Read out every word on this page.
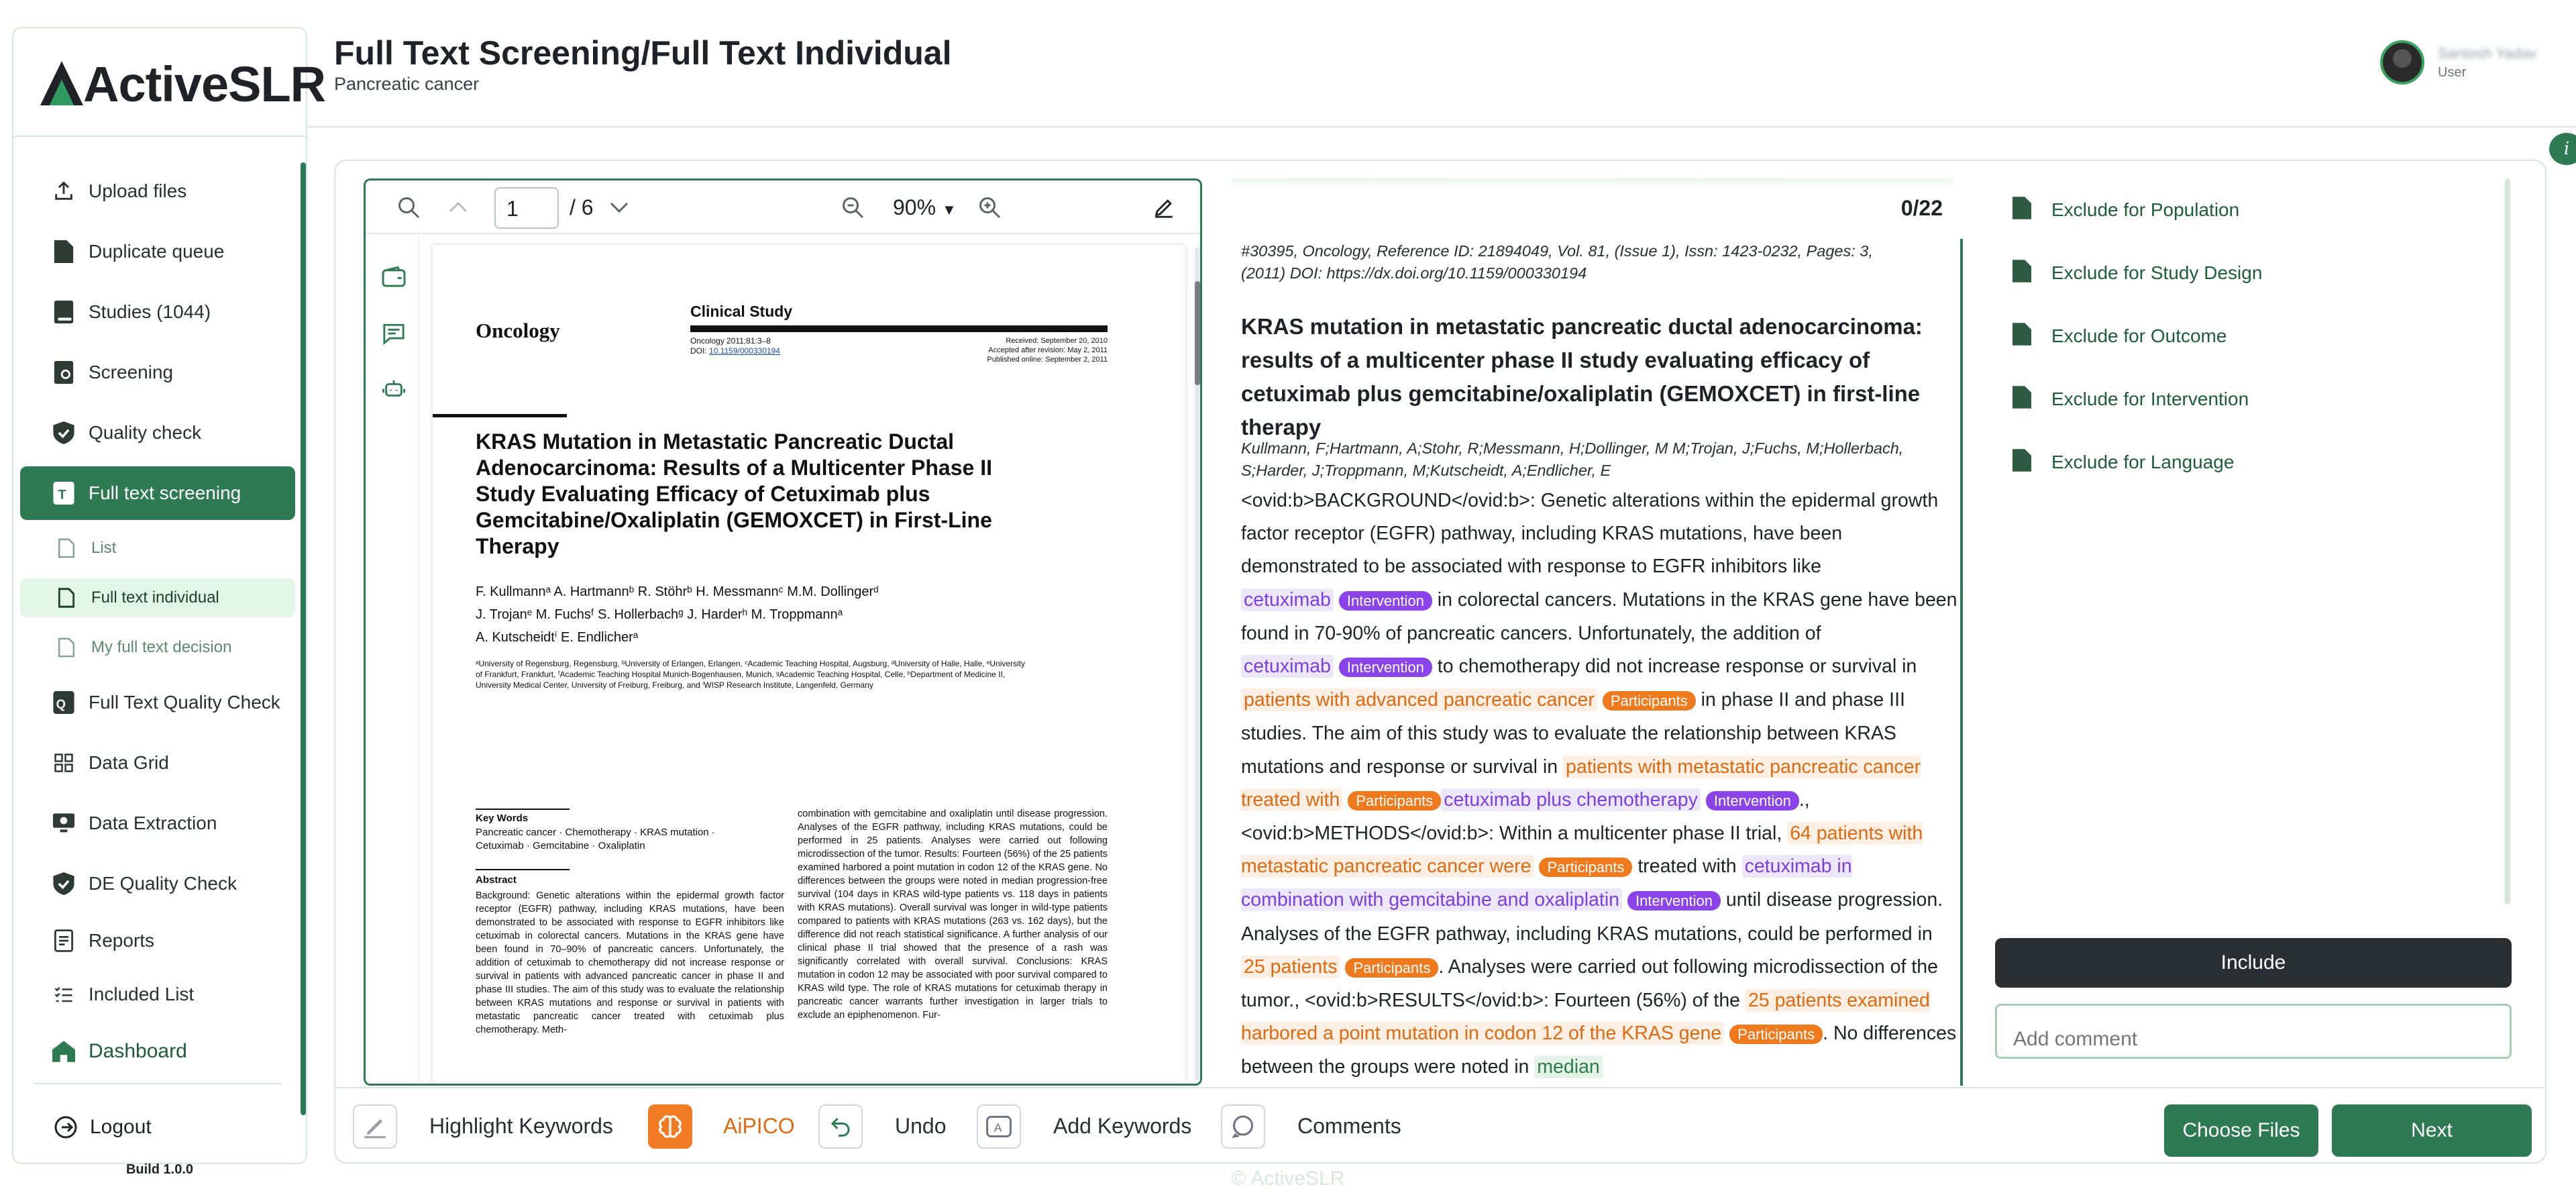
ActiveSLR
Upload files
Duplicate queue
Studies (1044)
Screening
Quality check
T Full text screening
List
Full text individual
My full text decision
Q Full Text Quality Check
Data Grid
Data Extraction
DE Quality Check
Reports
Included List
Dashboard
Logout
Build 1.0.0
Full Text Screening/Full Text Individual
Pancreatic cancer
Santosh Yadav
User
i
1	/ 6	90% ▼
Oncology
Clinical Study
Oncology 2011;81:3–8
DOI: 10.1159/000330194
Received: September 20, 2010
Accepted after revision: May 2, 2011
Published online: September 2, 2011
KRAS Mutation in Metastatic Pancreatic Ductal Adenocarcinoma: Results of a Multicenter Phase II Study Evaluating Efficacy of Cetuximab plus Gemcitabine/Oxaliplatin (GEMOXCET) in First-Line Therapy
F. Kullmannᵃ A. Hartmannᵇ R. Stöhrᵇ H. Messmannᶜ M.M. Dollingerᵈ
J. Trojanᵉ M. Fuchsᶠ S. Hollerbachᵍ J. Harderʰ M. Troppmannᵃ
A. Kutscheidtⁱ E. Endlicherᵃ
ᵃUniversity of Regensburg, Regensburg, ᵇUniversity of Erlangen, Erlangen, ᶜAcademic Teaching Hospital, Augsburg, ᵈUniversity of Halle, Halle, ᵉUniversity of Frankfurt, Frankfurt, ᶠAcademic Teaching Hospital Munich-Bogenhausen, Munich, ᵍAcademic Teaching Hospital, Celle, ʰDepartment of Medicine II, University Medical Center, University of Freiburg, Freiburg, and ⁱWISP Research Institute, Langenfeld, Germany
Key Words
Pancreatic cancer · Chemotherapy · KRAS mutation · Cetuximab · Gemcitabine · Oxaliplatin
Abstract
Background: Genetic alterations within the epidermal growth factor receptor (EGFR) pathway, including KRAS mutations, have been demonstrated to be associated with response to EGFR inhibitors like cetuximab in colorectal cancers. Mutations in the KRAS gene have been found in 70–90% of pancreatic cancers. Unfortunately, the addition of cetuximab to chemotherapy did not increase response or survival in patients with advanced pancreatic cancer in phase II and phase III studies. The aim of this study was to evaluate the relationship between KRAS mutations and response or survival in patients with metastatic pancreatic cancer treated with cetuximab plus chemotherapy. Meth-
combination with gemcitabine and oxaliplatin until disease progression. Analyses of the EGFR pathway, including KRAS mutations, could be performed in 25 patients. Analyses were carried out following microdissection of the tumor. Results: Fourteen (56%) of the 25 patients examined harbored a point mutation in codon 12 of the KRAS gene. No differences between the groups were noted in median progression-free survival (104 days in KRAS wild-type patients vs. 118 days in patients with KRAS mutations). Overall survival was longer in wild-type patients compared to patients with KRAS mutations (263 vs. 162 days), but the difference did not reach statistical significance. A further analysis of our clinical phase II trial showed that the presence of a rash was significantly correlated with overall survival. Conclusions: KRAS mutation in codon 12 may be associated with poor survival compared to KRAS wild type. The role of KRAS mutations for cetuximab therapy in pancreatic cancer warrants further investigation in larger trials to exclude an epiphenomenon. Fur-
0/22
#30395, Oncology, Reference ID: 21894049, Vol. 81, (Issue 1), Issn: 1423-0232, Pages: 3, (2011) DOI: https://dx.doi.org/10.1159/000330194
KRAS mutation in metastatic pancreatic ductal adenocarcinoma: results of a multicenter phase II study evaluating efficacy of cetuximab plus gemcitabine/oxaliplatin (GEMOXCET) in first-line therapy
Kullmann, F;Hartmann, A;Stohr, R;Messmann, H;Dollinger, M M;Trojan, J;Fuchs, M;Hollerbach, S;Harder, J;Troppmann, M;Kutscheidt, A;Endlicher, E
<ovid:b>BACKGROUND</ovid:b>: Genetic alterations within the epidermal growth factor receptor (EGFR) pathway, including KRAS mutations, have been demonstrated to be associated with response to EGFR inhibitors like cetuximab Intervention in colorectal cancers. Mutations in the KRAS gene have been found in 70-90% of pancreatic cancers. Unfortunately, the addition of cetuximab Intervention to chemotherapy did not increase response or survival in patients with advanced pancreatic cancer Participants in phase II and phase III studies. The aim of this study was to evaluate the relationship between KRAS mutations and response or survival in patients with metastatic pancreatic cancer treated with Participants cetuximab plus chemotherapy Intervention ., <ovid:b>METHODS</ovid:b>: Within a multicenter phase II trial, 64 patients with metastatic pancreatic cancer were Participants treated with cetuximab in combination with gemcitabine and oxaliplatin Intervention until disease progression. Analyses of the EGFR pathway, including KRAS mutations, could be performed in 25 patients Participants . Analyses were carried out following microdissection of the tumor., <ovid:b>RESULTS</ovid:b>: Fourteen (56%) of the 25 patients examined harbored a point mutation in codon 12 of the KRAS gene Participants . No differences between the groups were noted in median
Exclude for Population
Exclude for Study Design
Exclude for Outcome
Exclude for Intervention
Exclude for Language
Include
Add comment
Highlight Keywords	AiPICO	Undo	A Add Keywords	Comments	Choose Files	Next
© ActiveSLR
